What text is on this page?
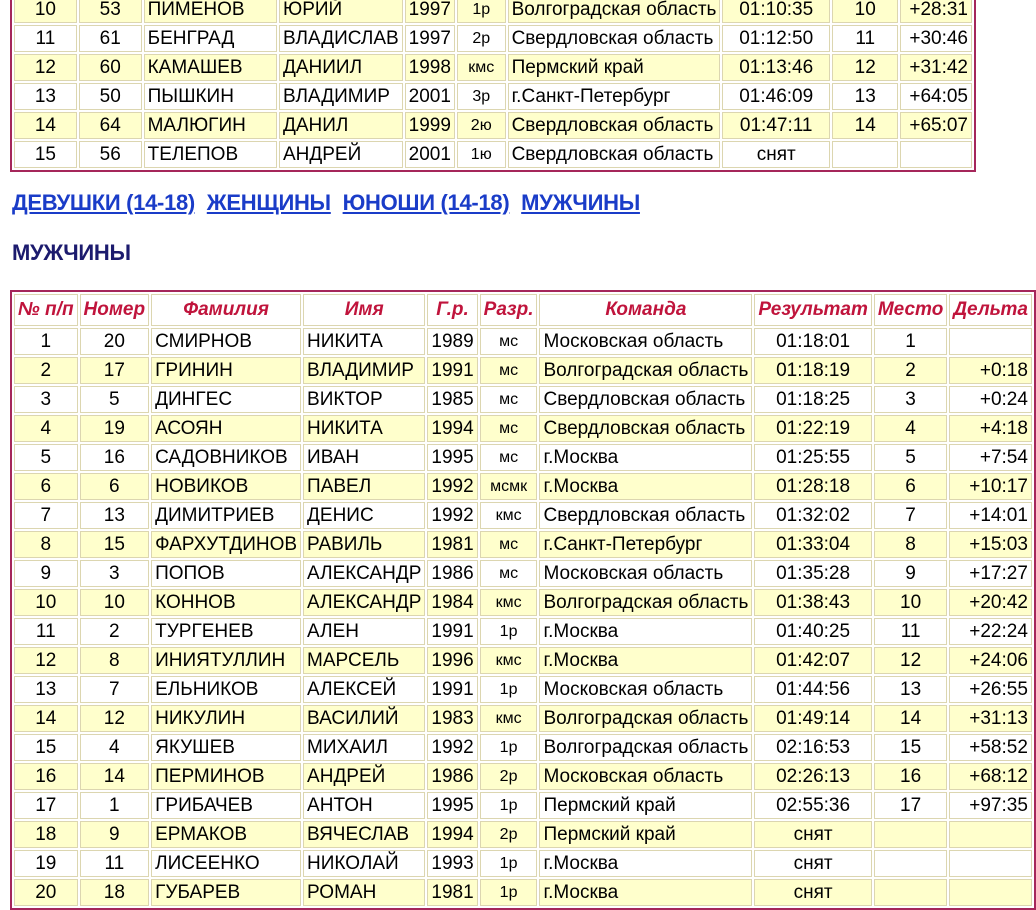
10	53	ПИМЕНОВ	ЮРИЙ	1997	1р	Волгоградская область	01:10:35	10	+28:31
11	61	БЕНГРАД	ВЛАДИСЛАВ	1997	2р	Свердловская область	01:12:50	11	+30:46
12	60	КАМАШЕВ	ДАНИИЛ	1998	кмс	Пермский край	01:13:46	12	+31:42
13	50	ПЫШКИН	ВЛАДИМИР	2001	3р	г.Санкт-Петербург	01:46:09	13	+64:05
14	64	МАЛЮГИН	ДАНИЛ	1999	2ю	Свердловская область	01:47:11	14	+65:07
15	56	ТЕЛЕПОВ	АНДРЕЙ	2001	1ю	Свердловская область	снят		
ДЕВУШКИ (14-18) ЖЕНЩИНЫ ЮНОШИ (14-18) МУЖЧИНЫ
МУЖЧИНЫ
№ п/п	Номер	Фамилия	Имя	Г.р.	Разр.	Команда	Результат	Место	Дельта
1	20	СМИРНОВ	НИКИТА	1989	мс	Московская область	01:18:01	1	
2	17	ГРИНИН	ВЛАДИМИР	1991	мс	Волгоградская область	01:18:19	2	+0:18
3	5	ДИНГЕС	ВИКТОР	1985	мс	Свердловская область	01:18:25	3	+0:24
4	19	АСОЯН	НИКИТА	1994	мс	Свердловская область	01:22:19	4	+4:18
5	16	САДОВНИКОВ	ИВАН	1995	мс	г.Москва	01:25:55	5	+7:54
6	6	НОВИКОВ	ПАВЕЛ	1992	мсмк	г.Москва	01:28:18	6	+10:17
7	13	ДИМИТРИЕВ	ДЕНИС	1992	кмс	Свердловская область	01:32:02	7	+14:01
8	15	ФАРХУТДИНОВ	РАВИЛЬ	1981	мс	г.Санкт-Петербург	01:33:04	8	+15:03
9	3	ПОПОВ	АЛЕКСАНДР	1986	мс	Московская область	01:35:28	9	+17:27
10	10	КОННОВ	АЛЕКСАНДР	1984	кмс	Волгоградская область	01:38:43	10	+20:42
11	2	ТУРГЕНЕВ	АЛЕН	1991	1р	г.Москва	01:40:25	11	+22:24
12	8	ИНИЯТУЛЛИН	МАРСЕЛЬ	1996	кмс	г.Москва	01:42:07	12	+24:06
13	7	ЕЛЬНИКОВ	АЛЕКСЕЙ	1991	1р	Московская область	01:44:56	13	+26:55
14	12	НИКУЛИН	ВАСИЛИЙ	1983	кмс	Волгоградская область	01:49:14	14	+31:13
15	4	ЯКУШЕВ	МИХАИЛ	1992	1р	Волгоградская область	02:16:53	15	+58:52
16	14	ПЕРМИНОВ	АНДРЕЙ	1986	2р	Московская область	02:26:13	16	+68:12
17	1	ГРИБАЧЕВ	АНТОН	1995	1р	Пермский край	02:55:36	17	+97:35
18	9	ЕРМАКОВ	ВЯЧЕСЛАВ	1994	2р	Пермский край	снят		
19	11	ЛИСЕЕНКО	НИКОЛАЙ	1993	1р	г.Москва	снят		
20	18	ГУБАРЕВ	РОМАН	1981	1р	г.Москва	снят		
